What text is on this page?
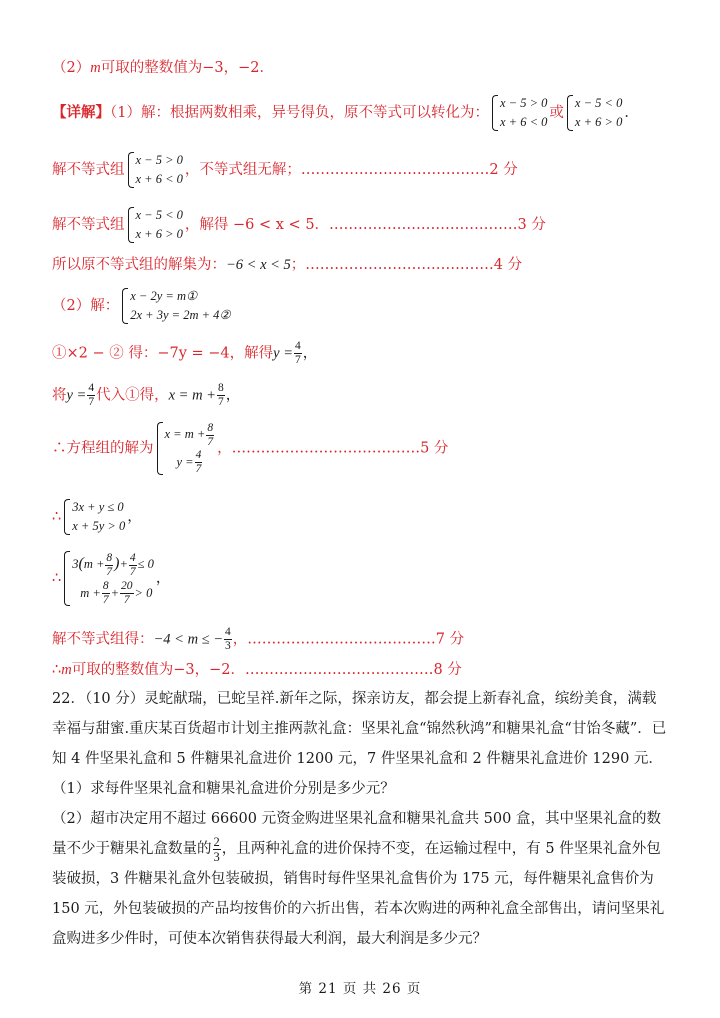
（2）m可取的整数值为−3，−2．
【详解】（1）解：根据两数相乘，异号得负，原不等式可以转化为：
x − 5 > 0
x + 6 < 0
或
x − 5 < 0
x + 6 > 0
．
解不等式组
x − 5 > 0
x + 6 < 0
，不等式组无解；…………………………………2 分
解不等式组
x − 5 < 0
x + 6 > 0
，解得 −6 < x < 5．…………………………………3 分
所以原不等式组的解集为：−6 < x < 5；…………………………………4 分
（2）解：
x − 2y = m①
2x + 3y = 2m + 4②
①×2 − ② 得：−7y = −4，解得$y = \frac{4}{7}$ ，
将$y = \frac{4}{7}$ 代入①得，$x = m + \frac{8}{7}$ ，
∴方程组的解为
$x = m + \frac{8}{7}$
$y = \frac{4}{7}$
，…………………………………5 分
∴
3x + y ≤ 0
x + 5y > 0
，
∴
$3(m + \frac{8}{7}$ )+ $\frac{4}{7} \le 0$
$m + \frac{8}{7} + \frac{20}{7} > 0$
，
解不等式组得：−4 < m ≤ − $\frac{4}{3}$ ，…………………………………7 分
∴m可取的整数值为−3，−2．…………………………………8 分
22．（10 分）灵蛇献瑞，已蛇呈祥.新年之际，探亲访友，都会提上新春礼盒，缤纷美食，满载幸福与甜蜜.重庆某百货超市计划主推两款礼盒：坚果礼盒“锦然秋鸿”和糖果礼盒“甘饴冬藏”．已知 4 件坚果礼盒和 5 件糖果礼盒进价 1200 元，7 件坚果礼盒和 2 件糖果礼盒进价 1290 元．
（1）求每件坚果礼盒和糖果礼盒进价分别是多少元？
（2）超市决定用不超过 66600 元资金购进坚果礼盒和糖果礼盒共 500 盒，其中坚果礼盒的数量不少于糖果礼盒数量的 $\frac{2}{3}$ ，且两种礼盒的进价保持不变，在运输过程中，有 5 件坚果礼盒外包装破损，3 件糖果礼盒外包装破损，销售时每件坚果礼盒售价为 175 元，每件糖果礼盒售价为 150 元，外包装破损的产品均按售价的六折出售，若本次购进的两种礼盒全部售出，请问坚果礼盒购进多少件时，可使本次销售获得最大利润，最大利润是多少元？
第 21 页 共 26 页
